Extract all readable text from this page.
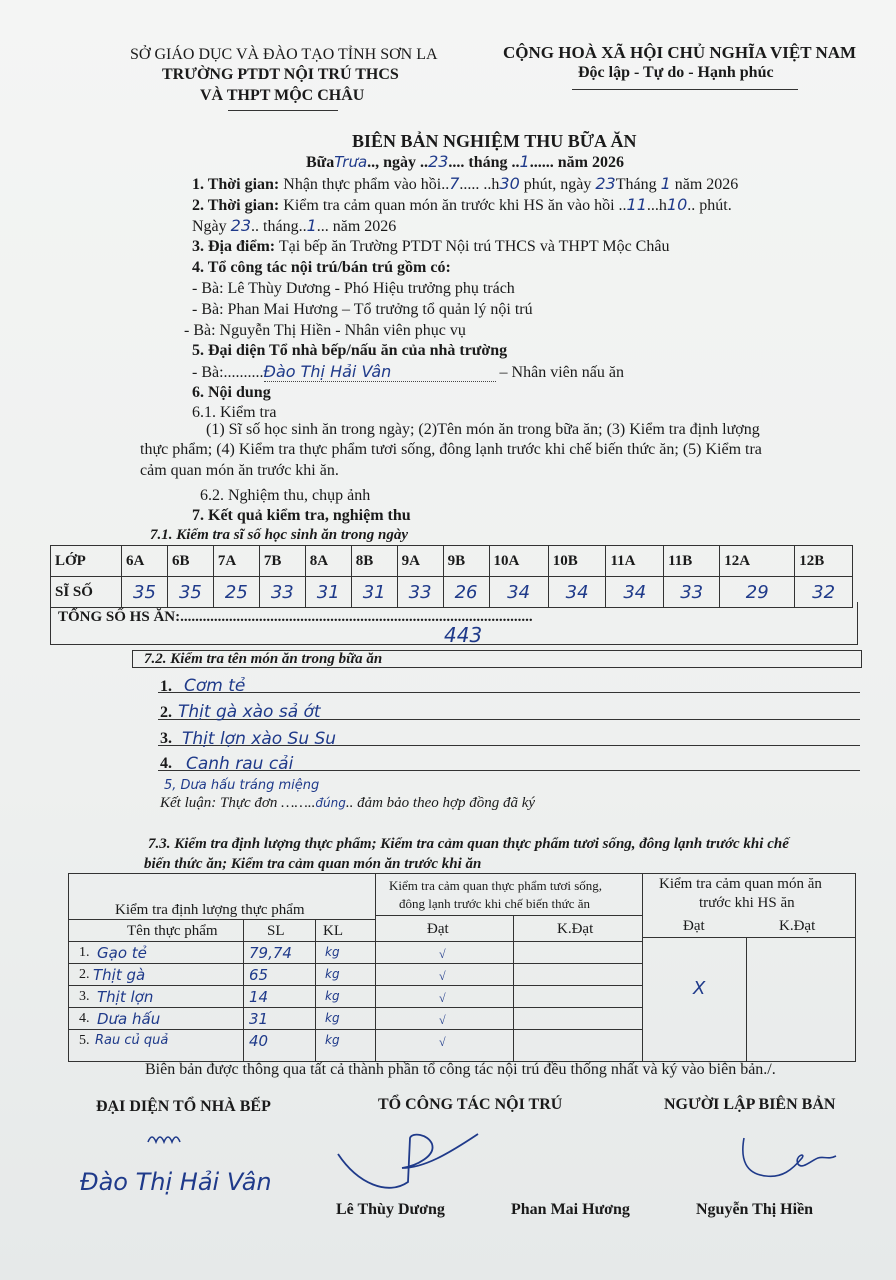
SỞ GIÁO DỤC VÀ ĐÀO TẠO TỈNH SƠN LA
TRƯỜNG PTDT NỘI TRÚ THCS
VÀ THPT MỘC CHÂU
CỘNG HOÀ XÃ HỘI CHỦ NGHĨA VIỆT NAM
Độc lập - Tự do - Hạnh phúc
BIÊN BẢN NGHIỆM THU BỮA ĂN
BữaTrưa.., ngày ..23.... tháng ..1...... năm 2026
1. Thời gian: Nhận thực phẩm vào hồi..7..... ..h30 phút, ngày 23Tháng 1 năm 2026
2. Thời gian: Kiểm tra cảm quan món ăn trước khi HS ăn vào hồi ..11...h10.. phút.
Ngày 23.. tháng..1... năm 2026
3. Địa điểm: Tại bếp ăn Trường PTDT Nội trú THCS và THPT Mộc Châu
4. Tổ công tác nội trú/bán trú gồm có:
- Bà: Lê Thùy Dương - Phó Hiệu trưởng phụ trách
- Bà: Phan Mai Hương – Tổ trưởng tổ quản lý nội trú
- Bà: Nguyễn Thị Hiền - Nhân viên phục vụ
5. Đại diện Tổ nhà bếp/nấu ăn của nhà trường
- Bà:..........Đào Thị Hải Vân	– Nhân viên nấu ăn
6. Nội dung
6.1. Kiểm tra
(1) Sĩ số học sinh ăn trong ngày; (2)Tên món ăn trong bữa ăn; (3) Kiểm tra định lượng
thực phẩm; (4) Kiểm tra thực phẩm tươi sống, đông lạnh trước khi chế biến thức ăn; (5) Kiểm tra
cảm quan món ăn trước khi ăn.
6.2. Nghiệm thu, chụp ảnh
7. Kết quả kiểm tra, nghiệm thu
7.1. Kiểm tra sĩ số học sinh ăn trong ngày
LỚP	6A	6B	7A	7B	8A	8B	9A	9B	10A	10B	11A	11B	12A	12B
SĨ SỐ	35	35	25	33	31	31	33	26	34	34	34	33	29	32
TỔNG SỐ HS ĂN:..............................................................................................
443
7.2. Kiểm tra tên món ăn trong bữa ăn
1. Cơm tẻ
2. Thịt gà xào sả ớt
3. Thịt lợn xào Su Su
4. Canh rau cải
5, Dưa hấu tráng miệng
Kết luận: Thực đơn ……..đúng.. đảm bảo theo hợp đồng đã ký
7.3. Kiểm tra định lượng thực phẩm; Kiểm tra cảm quan thực phẩm tươi sống, đông lạnh trước khi chế
biến thức ăn; Kiểm tra cảm quan món ăn trước khi ăn
Kiểm tra định lượng thực phẩm
Kiểm tra cảm quan thực phẩm tươi sống,
đông lạnh trước khi chế biến thức ăn
Kiểm tra cảm quan món ăn
trước khi HS ăn
Tên thực phẩm	SL	KL	Đạt	K.Đạt	Đạt	K.Đạt
1. Gạo tẻ	79,74	kg	√
2. Thịt gà	65	kg	√
3. Thịt lợn	14	kg	√
4. Dưa hấu	31	kg	√
5. Rau củ quả	40	kg	√
X
Biên bản được thông qua tất cả thành phần tổ công tác nội trú đều thống nhất và ký vào biên bản./.
ĐẠI DIỆN TỔ NHÀ BẾP	TỔ CÔNG TÁC NỘI TRÚ	NGƯỜI LẬP BIÊN BẢN
Đào Thị Hải Vân
Lê Thùy Dương	Phan Mai Hương	Nguyễn Thị Hiền
